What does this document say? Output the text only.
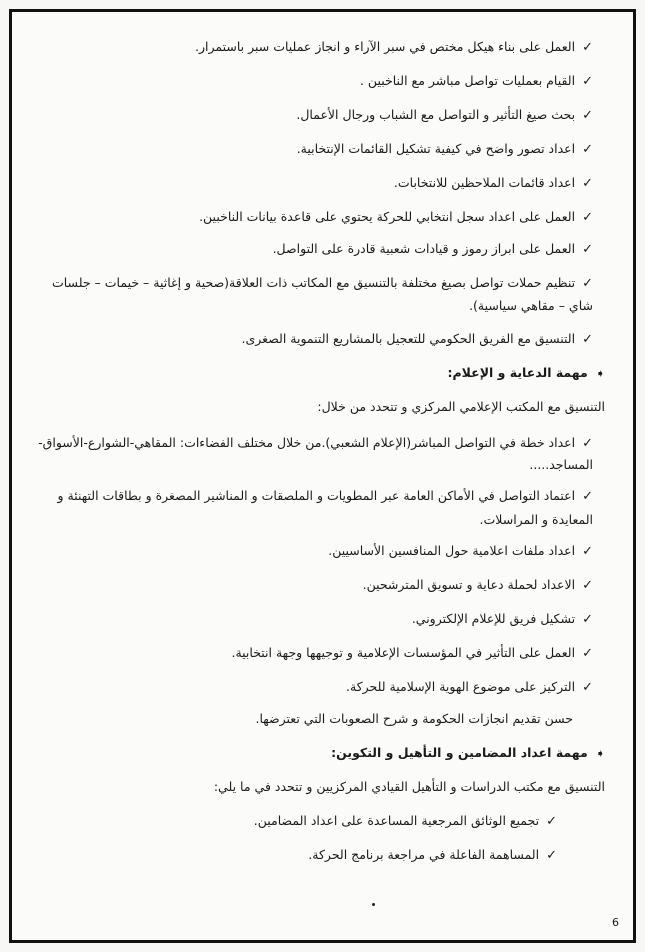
✓العمل على بناء هيكل مختص في سبر الآراء و انجاز عمليات سبر باستمرار.
✓القيام بعمليات تواصل مباشر مع الناخبين .
✓بحث صيغ التأثير و التواصل مع الشباب ورجال الأعمال.
✓اعداد تصور واضح في كيفية تشكيل القائمات الإنتخابية.
✓اعداد قائمات الملاحظين للانتخابات.
✓العمل على اعداد سجل انتخابي للحركة يحتوي على قاعدة بيانات الناخبين.
✓العمل على ابراز رموز و قيادات شعبية قادرة على التواصل.
✓تنظيم حملات تواصل بصيغ مختلفة بالتنسيق مع المكاتب ذات العلاقة(صحية و إغاثية – خيمات – جلسات شاي – مقاهي سياسية).
✓التنسيق مع الفريق الحكومي للتعجيل بالمشاريع التنموية الصغرى.
➧مهمة الدعاية و الإعلام:
التنسيق مع المكتب الإعلامي المركزي و تتحدد من خلال:
✓اعداد خطة في التواصل المباشر(الإعلام الشعبي).من خلال مختلف الفضاءات: المقاهي-الشوارع-الأسواق-المساجد.....
✓اعتماد التواصل في الأماكن العامة عبر المطويات و الملصقات و المناشير المصغرة و بطاقات التهنئة و المعايدة و المراسلات.
✓اعداد ملفات اعلامية حول المنافسين الأساسيين.
✓الاعداد لحملة دعاية و تسويق المترشحين.
✓تشكيل فريق للإعلام الإلكتروني.
✓العمل على التأثير في المؤسسات الإعلامية و توجيهها وجهة انتخابية.
✓التركيز على موضوع الهوية الإسلامية للحركة.
حسن تقديم انجازات الحكومة و شرح الصعوبات التي تعترضها.
➧مهمة اعداد المضامين و التأهيل و التكوين:
التنسيق مع مكتب الدراسات و التأهيل القيادي المركزيين و تتحدد في ما يلي:
✓تجميع الوثائق المرجعية المساعدة على اعداد المضامين.
✓المساهمة الفاعلة في مراجعة برنامج الحركة.
6
